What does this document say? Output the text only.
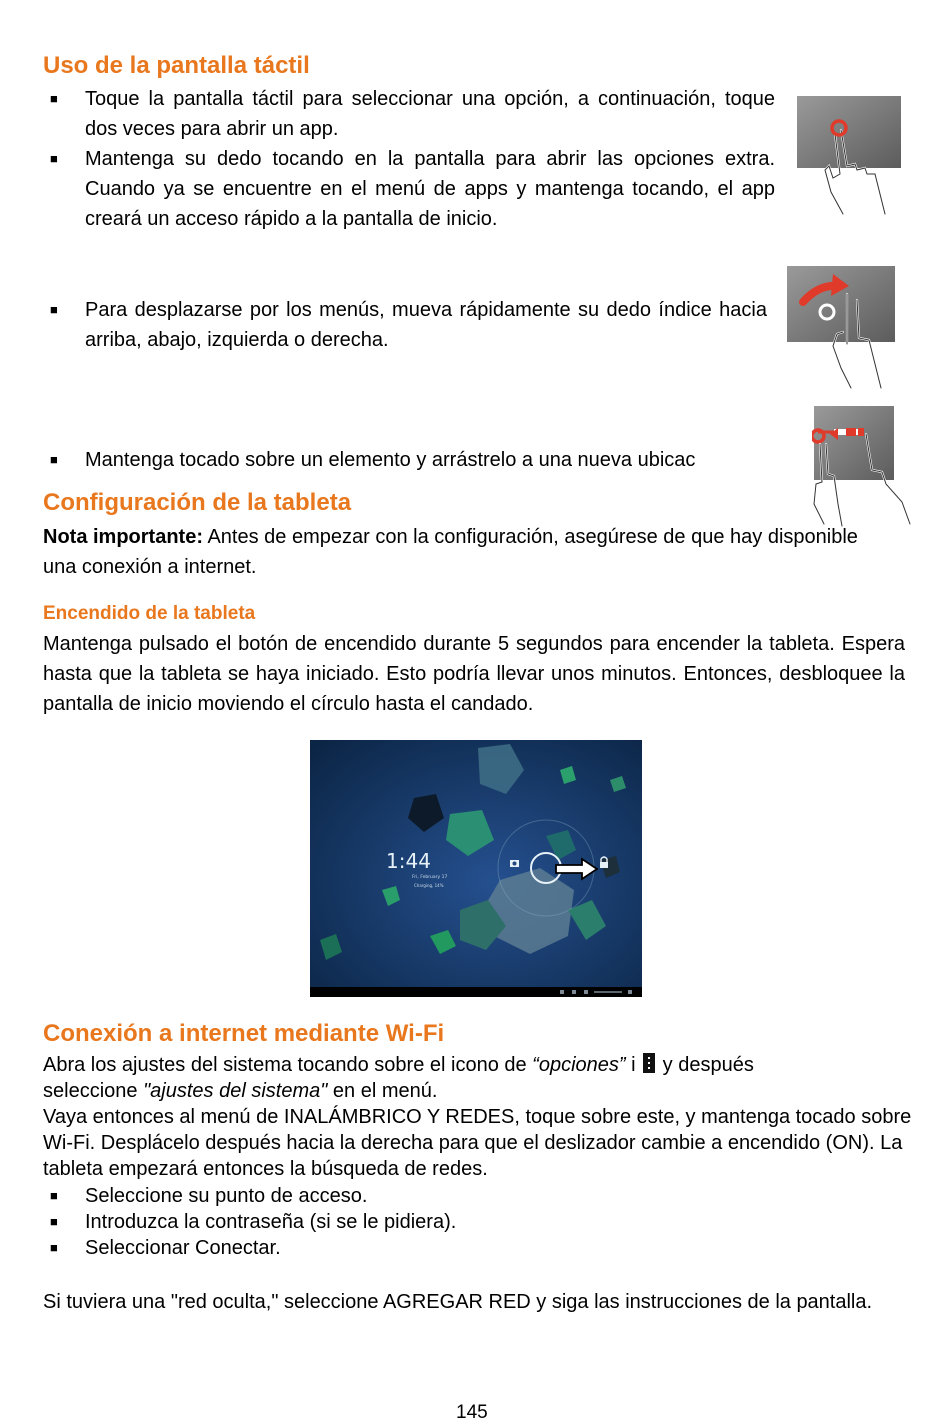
Uso de la pantalla táctil
■ Toque la pantalla táctil para seleccionar una opción, a continuación, toque dos veces para abrir un app.
■ Mantenga su dedo tocando en la pantalla para abrir las opciones extra. Cuando ya se encuentre en el menú de apps y mantenga tocando, el app creará un acceso rápido a la pantalla de inicio.
■ Para desplazarse por los menús, mueva rápidamente su dedo índice hacia arriba, abajo, izquierda o derecha.
■ Mantenga tocado sobre un elemento y arrástrelo a una nueva ubicac
Configuración de la tableta
Nota importante: Antes de empezar con la configuración, asegúrese de que hay disponible una conexión a internet.
Encendido de la tableta
Mantenga pulsado el botón de encendido durante 5 segundos para encender la tableta. Espera hasta que la tableta se haya iniciado. Esto podría llevar unos minutos. Entonces, desbloquee la pantalla de inicio moviendo el círculo hasta el candado.
1:44
Fri, February 17
Charging, 14%
Conexión a internet mediante Wi-Fi
Abra los ajustes del sistema tocando sobre el icono de “opciones” i
y después
seleccione "ajustes del sistema" en el menú.
Vaya entonces al menú de INALÁMBRICO Y REDES, toque sobre este, y mantenga tocado sobre Wi-Fi. Desplácelo después hacia la derecha para que el deslizador cambie a encendido (ON). La tableta empezará entonces la búsqueda de redes.
■ Seleccione su punto de acceso.
■ Introduzca la contraseña (si se le pidiera).
■ Seleccionar Conectar.
Si tuviera una "red oculta," seleccione AGREGAR RED y siga las instrucciones de la pantalla.
145
